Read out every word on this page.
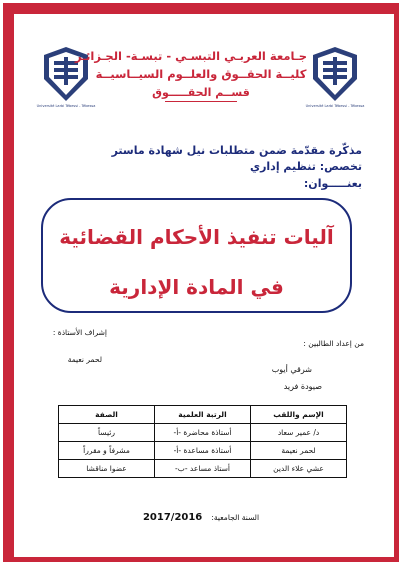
Université Larbi Tébessi - Tébessa	Université Larbi Tébessi - Tébessa
جـامعة العربـي التبسـي - تبسـة- الجـزائـر
كليــة الحقــوق والعلــوم السيــاسيــة
قســم الحقـــــوق
مذكّرة مقدّمة ضمن متطلبات نيل شهادة ماستر
تخصص: تنظيم إداري
بعنـــــوان:
آليات تنفيذ الأحكام القضائية
في المادة الإدارية
من إعداد الطالبين :
إشراف الأستاذة :
لحمر نعيمة
شرقي أيوب
صيودة فريد
الإسم واللقب	الرتبة العلمية	الصفة
د/ عمير سعاد	أستاذة محاضرة -أ-	رئيساً
لحمر نعيمة	أستاذة مساعدة -أ-	مشرفاً و مقرراً
عشي علاء الدين	أستاذ مساعد -ب-	عضوا مناقشا
السنة الجامعية: 2017/2016
